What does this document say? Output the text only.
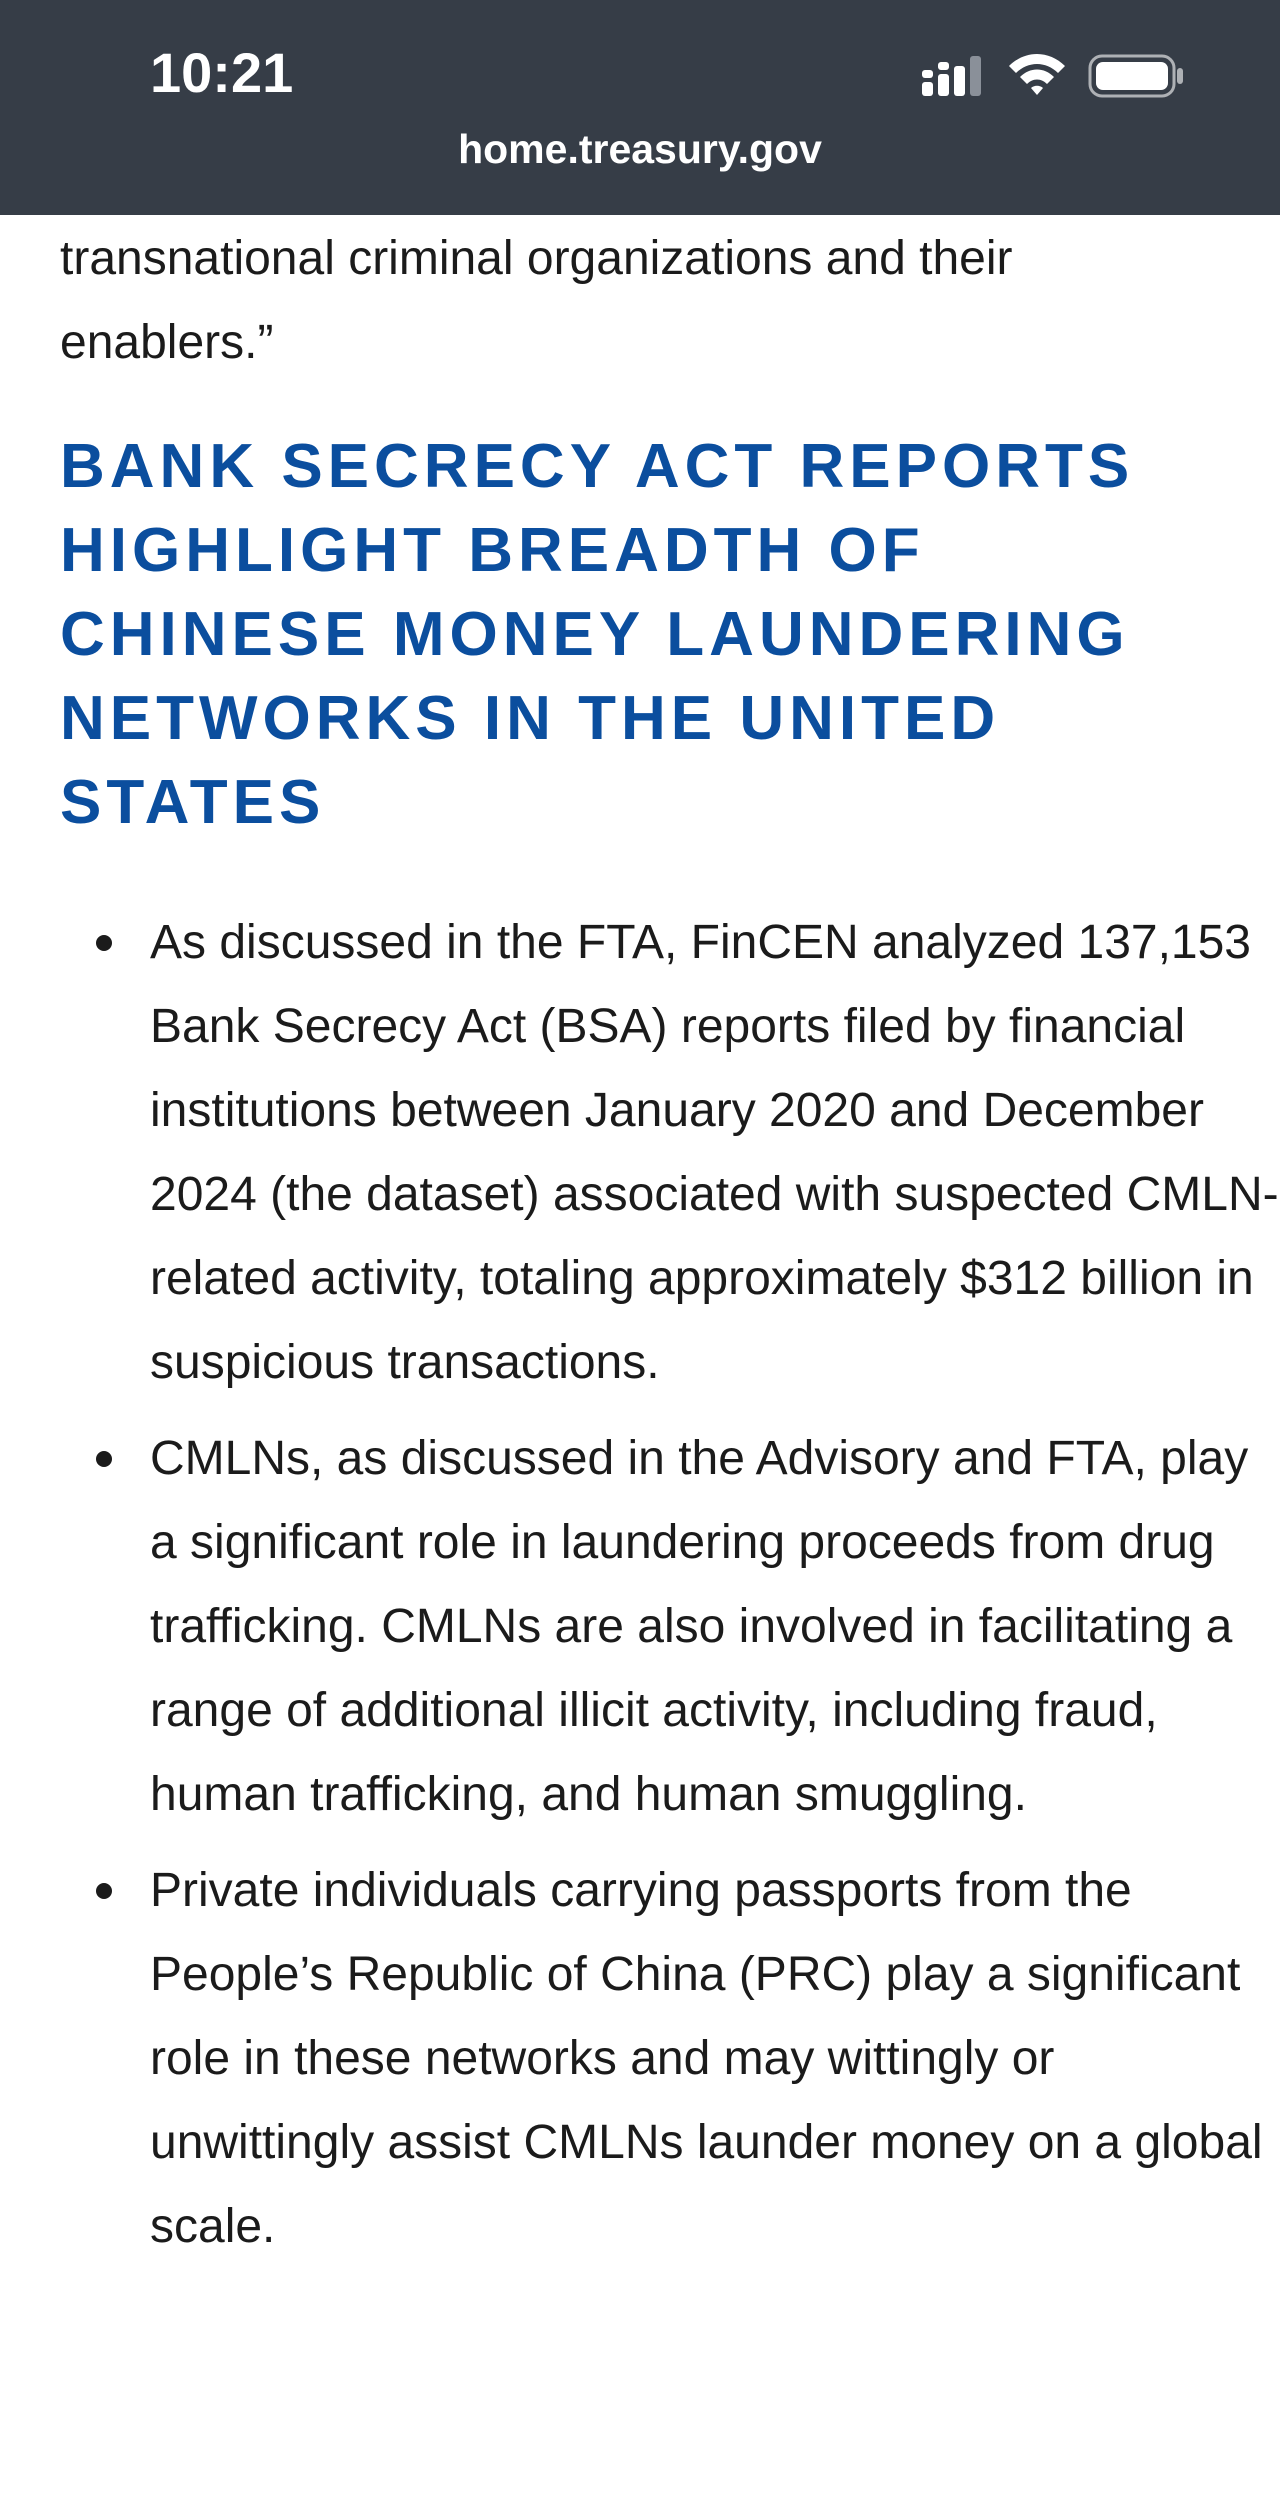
10:21
home.treasury.gov

transnational criminal organizations and their enablers.”

BANK SECRECY ACT REPORTS HIGHLIGHT BREADTH OF CHINESE MONEY LAUNDERING NETWORKS IN THE UNITED STATES
As discussed in the FTA, FinCEN analyzed 137,153 Bank Secrecy Act (BSA) reports filed by financial institutions between January 2020 and December 2024 (the dataset) associated with suspected CMLN-related activity, totaling approximately $312 billion in suspicious transactions.
CMLNs, as discussed in the Advisory and FTA, play a significant role in laundering proceeds from drug trafficking. CMLNs are also involved in facilitating a range of additional illicit activity, including fraud, human trafficking, and human smuggling.
Private individuals carrying passports from the People’s Republic of China (PRC) play a significant role in these networks and may wittingly or unwittingly assist CMLNs launder money on a global scale.
